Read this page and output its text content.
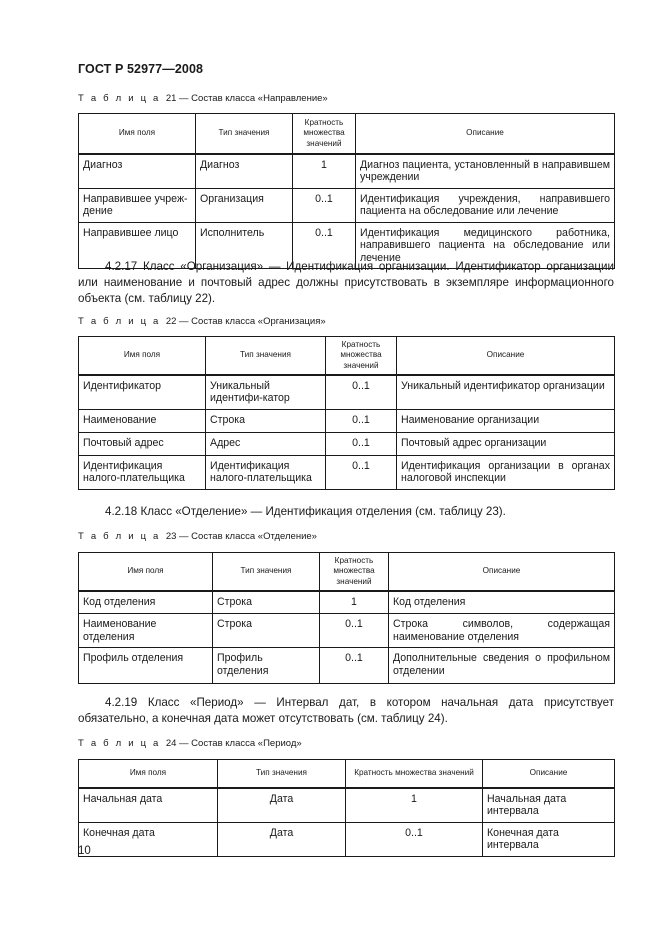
ГОСТ Р 52977—2008
Т а б л и ц а 21 — Состав класса «Направление»
Имя поля	Тип значения	Кратность множества значений	Описание
Диагноз	Диагноз	1	Диагноз пациента, установленный в направившем учреждении
Направившее учреж-дение	Организация	0..1	Идентификация учреждения, направившего пациента на обследование или лечение
Направившее лицо	Исполнитель	0..1	Идентификация медицинского работника, направившего пациента на обследование или лечение
4.2.17 Класс «Организация» — Идентификация организации. Идентификатор организации или наименование и почтовый адрес должны присутствовать в экземпляре информационного объекта (см. таблицу 22).
Т а б л и ц а 22 — Состав класса «Организация»
Имя поля	Тип значения	Кратность множества значений	Описание
Идентификатор	Уникальный идентифи-катор	0..1	Уникальный идентификатор организации
Наименование	Строка	0..1	Наименование организации
Почтовый адрес	Адрес	0..1	Почтовый адрес организации
Идентификация налого-плательщика	Идентификация налого-плательщика	0..1	Идентификация организации в органах налоговой инспекции
4.2.18 Класс «Отделение» — Идентификация отделения (см. таблицу 23).
Т а б л и ц а 23 — Состав класса «Отделение»
Имя поля	Тип значения	Кратность множества значений	Описание
Код отделения	Строка	1	Код отделения
Наименование отделения	Строка	0..1	Строка символов, содержащая наименование отделения
Профиль отделения	Профиль отделения	0..1	Дополнительные сведения о профильном отделении
4.2.19 Класс «Период» — Интервал дат, в котором начальная дата присутствует обязательно, а конечная дата может отсутствовать (см. таблицу 24).
Т а б л и ц а 24 — Состав класса «Период»
Имя поля	Тип значения	Кратность множества значений	Описание
Начальная дата	Дата	1	Начальная дата интервала
Конечная дата	Дата	0..1	Конечная дата интервала
10
